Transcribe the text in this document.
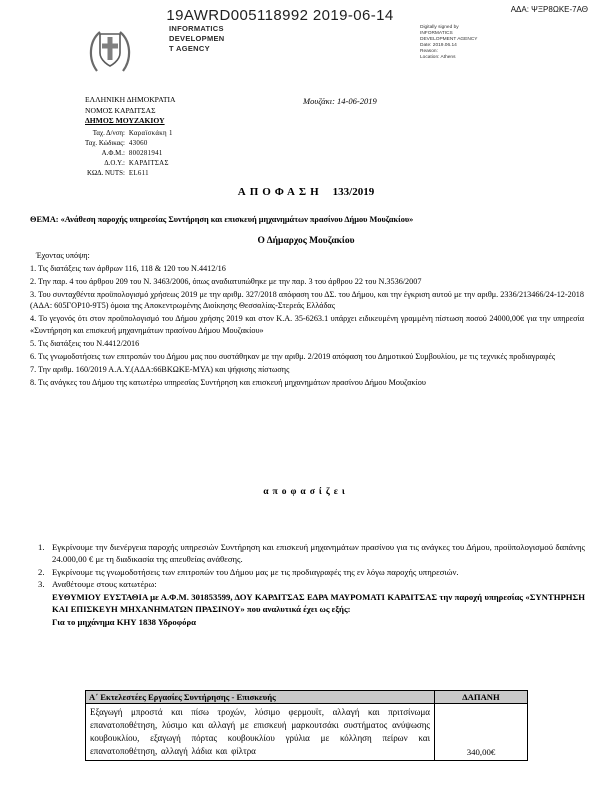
19AWRD005118992 2019-06-14	ΑΔΑ: ΨΞΡ8ΩΚΕ-7ΑΘ
INFORMATICS
DEVELOPMEN
T AGENCY
Digitally signed by
INFORMATICS
DEVELOPMENT AGENCY
Date: 2019.06.14
Reason:
Location: Athens
ΕΛΛΗΝΙΚΗ ΔΗΜΟΚΡΑΤΙΑ
ΝΟΜΟΣ ΚΑΡΔΙΤΣΑΣ
ΔΗΜΟΣ ΜΟΥΖΑΚΙΟΥ
Ταχ. Δ/νση:	Καραϊσκάκη 1
Ταχ. Κώδικας:	43060
Α.Φ.Μ.:	800281941
Δ.Ο.Υ.:	ΚΑΡΔΙΤΣΑΣ
ΚΩΔ. NUTS:	EL611
Μουζάκι: 14-06-2019
ΑΠΟΦΑΣΗ 133/2019
ΘΕΜΑ: «Ανάθεση παροχής υπηρεσίας Συντήρηση και επισκευή μηχανημάτων πρασίνου Δήμου Μουζακίου»
Ο Δήμαρχος Μουζακίου
Έχοντας υπόψη:

1. Τις διατάξεις των άρθρων 116, 118 & 120 του Ν.4412/16

2. Την παρ. 4 του άρθρου 209 του Ν. 3463/2006, όπως αναδιατυπώθηκε με την παρ. 3 του άρθρου 22 του Ν.3536/2007

3. Του συνταχθέντα προϋπολογισμό χρήσεως 2019 με την αριθμ. 327/2018 απόφαση του ΔΣ. του Δήμου, και την έγκριση αυτού με την αριθμ. 2336/213466/24-12-2018 (ΑΔΑ: 605ΓΟΡ10-9Τ5) όμοια της Αποκεντρωμένης Διοίκησης Θεσσαλίας-Στερεάς Ελλάδας

4. Το γεγονός ότι στον προϋπολογισμό του Δήμου χρήσης 2019 και στον Κ.Α. 35-6263.1 υπάρχει ειδικευμένη γραμμένη πίστωση ποσού 24000,00€ για την υπηρεσία «Συντήρηση και επισκευή μηχανημάτων πρασίνου Δήμου Μουζακίου»

5. Τις διατάξεις του Ν.4412/2016

6. Τις γνωμοδοτήσεις των επιτροπών του Δήμου μας που συστάθηκαν με την αριθμ. 2/2019 απόφαση του Δημοτικού Συμβουλίου, με τις τεχνικές προδιαγραφές

7. Την αριθμ. 160/2019 Α.Α.Υ.(ΑΔΑ:66ΒΚΩΚΕ-ΜΥΑ) και ψήφισης πίστωσης

8. Τις ανάγκες του Δήμου της κατωτέρω υπηρεσίας Συντήρηση και επισκευή μηχανημάτων πρασίνου Δήμου Μουζακίου

αποφασίζει
1. Εγκρίνουμε την διενέργεια παροχής υπηρεσιών Συντήρηση και επισκευή μηχανημάτων πρασίνου για τις ανάγκες του Δήμου, προϋπολογισμού δαπάνης 24.000,00 € με τη διαδικασία της απευθείας ανάθεσης.
2. Εγκρίνουμε τις γνωμοδοτήσεις των επιτροπών του Δήμου μας με τις προδιαγραφές της εν λόγω παροχής υπηρεσιών.
3. Αναθέτουμε στους κατωτέρω:

ΕΥΘΥΜΙΟΥ ΕΥΣΤΑΘΙΑ με Α.Φ.Μ. 301853599, ΔΟΥ ΚΑΡΔΙΤΣΑΣ ΕΔΡΑ ΜΑΥΡΟΜΑΤΙ ΚΑΡΔΙΤΣΑΣ την παροχή υπηρεσίας «ΣΥΝΤΗΡΗΣΗ ΚΑΙ ΕΠΙΣΚΕΥΗ ΜΗΧΑΝΗΜΑΤΩΝ ΠΡΑΣΙΝΟΥ» που αναλυτικά έχει ως εξής:

Για το μηχάνημα ΚΗΥ 1838 Υδροφόρα

Α΄ Εκτελεστέες Εργασίες Συντήρησης - Επισκευής	ΔΑΠΑΝΗ
Εξαγωγή μπροστά και πίσω τροχών, λύσιμο φερμουϊτ, αλλαγή και πριτσίνωμα επανατοποθέτηση, λύσιμο και αλλαγή με επισκευή μαρκουτσάκι συστήματος ανύψωσης κουβουκλίου, εξαγωγή πόρτας κουβουκλίου γρύλια με κόλληση πείρων και επανατοποθέτηση, αλλαγή λάδια και φίλτρα	340,00€
